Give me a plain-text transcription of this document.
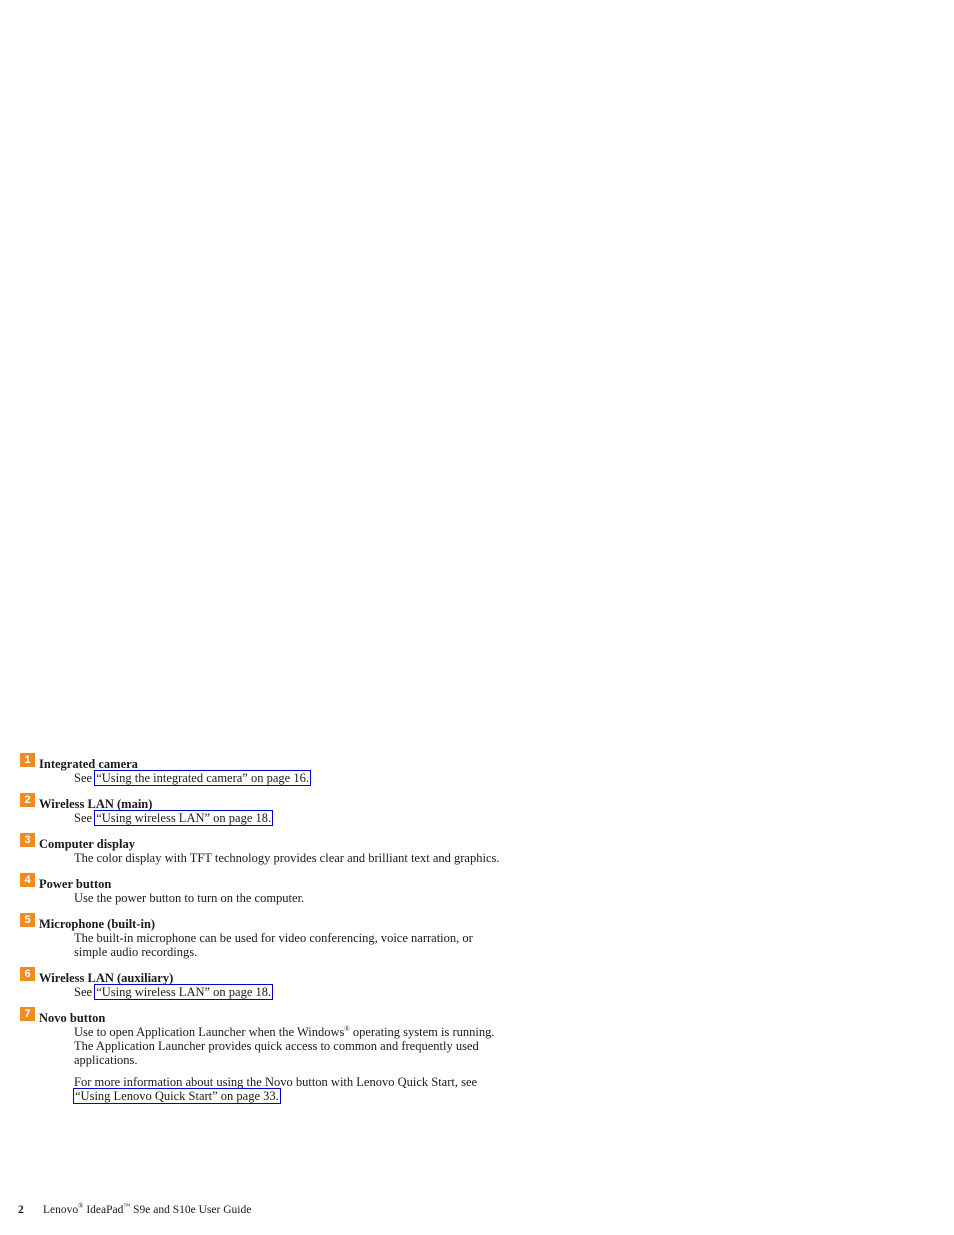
1 Integrated camera

See “Using the integrated camera” on page 16.

2 Wireless LAN (main)

See “Using wireless LAN” on page 18.

3 Computer display

The color display with TFT technology provides clear and brilliant text and graphics.

4 Power button

Use the power button to turn on the computer.

5 Microphone (built-in)

The built-in microphone can be used for video conferencing, voice narration, or simple audio recordings.

6 Wireless LAN (auxiliary)

See “Using wireless LAN” on page 18.

7 Novo button

Use to open Application Launcher when the Windows® operating system is running. The Application Launcher provides quick access to common and frequently used applications.

For more information about using the Novo button with Lenovo Quick Start, see “Using Lenovo Quick Start” on page 33.

2 Lenovo® IdeaPad™ S9e and S10e User Guide
